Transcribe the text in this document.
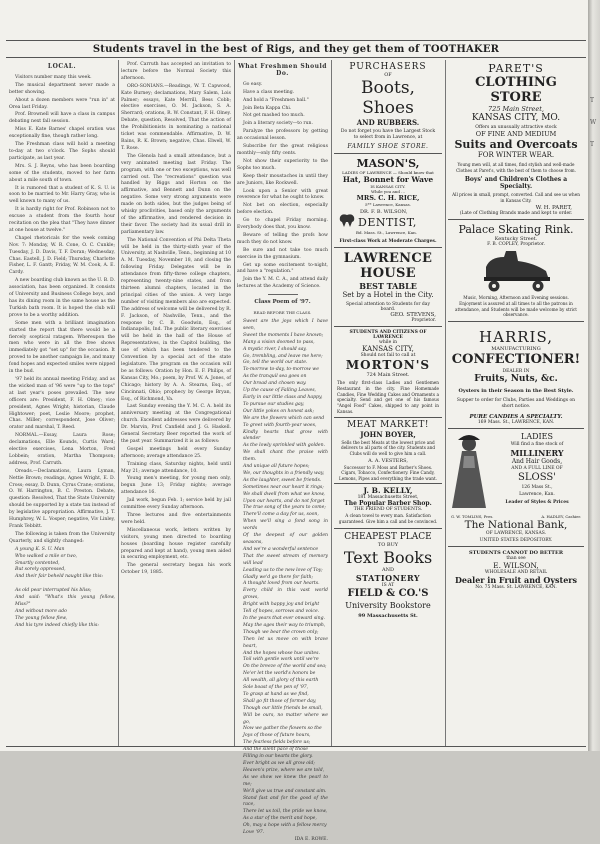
Students travel in the best of Rigs, and they get them of TOOTHAKER

LOCAL.

Visitors number many this week.

The musical department never made a better showing.

About a dozen members were "run in" at Orea last Friday.

Prof. Brownell will have a class in campus debating next fall session.

Miss E. Kate Barnes' chapel oration was exceptionally fine, though rather long.

The Freshman class will hold a meeting to-day at two o'clock. The Sophs should participate, as last year.

Mrs. S. J. Reyns, who has been boarding some of the students, moved to her farm about a mile south of town.

It is rumored that a student of K. S. U. is soon to be married to Mr. Harry Gray, who is well known to many of us.

It is hardly right for Prof. Robinson not to excuse a student from the fourth hour recitation on the plea that "They have dinner at one house at twelve."

Chapel rhetoricals for the week coming Nov. 7: Monday, W. R. Cone, O. C. Cunkle; Tuesday, J. D. Davis, T. F. Doran; Wednesday, Chas. Eastell, J. D. Field; Thursday, Charlotte Fisher, L. F. Gantt; Friday, W. M. Cook, A. E. Cardy.

A new boarding club known as the U. B. D. association, has been organized. It consists of University and Business College boys, and has its dining room in the same house as the Turkish bath room. It is hoped the club will prove to be a worthy addition.

Some men with a brilliant imagination started the report that there would be a fiercely sceptical ratagem. Whereupon the men who were in all the free shows immediately got "set up" for the occasion. It proved to be another campaign lie, and many fond hopes and expected smiles were nipped in the bud.

'97 held its annual meeting Friday, and as the wicked man of '96 were "up to the tops" at last year's poses prevailed. The new officers are: President, F. H. Olney; vice president, Agnes Wright; historian, Claude Hightower; poet, Leslie Moore; prophet, Chas. Miller; correspondent, Jose Oliver; orator and marshal, T. Reed.

NORMAL.—Essay, Laura Rose; declamations, Elle Kounds, Curtis Ward; elective exercises, Lena Morton, Fred Lobbein; oration, Martha Thompson; address, Prof. Carruth.

Oreads.—Declamations, Laura Lyman, Nettie Brown; readings, Agnes Wright, E. D. Cross; essay, D. Dunn, Cyrus Crane; orations, O. W. Harrington, B. C. Preston. Debate, question: Resolved, That the State University should be supported by a state tax instead of by legislative appropriation. Affirmative, J. T. Humphrey, W. L. Vosper; negative, Viv Linley, Frank Tebbitt.

The following is taken from the University Quarterly, and slightly changed:

A young K. S. U. Man
Who walked a mile or two,
Smartly contented,
But sorely oppressed,
And their fair beheld naught like this:
As old pear interrupted his bliss;
And said: "What's this young fellow, Miss?"
And without more ado
The young fellow flew,
And his tyre indeed chiefly like this:

Prof. Carruth has accepted an invitation to lecture before the Normal Society this afternoon.

ORO-SONIANS.—Readings, W. T. Capwood, Kate Burney; declamations, Mary Salem, Lois Palmer; essays, Kate Merrill, Bess Cobb; elective exercises, O. M. Jackson, S. A. Sherrard; orations, R. W. Constant, F. H. Olney. Debate, question, Resolved, That the action of the Prohibitionists in nominating a national ticket was commendable. Affirmative, D. W. Bains, R. K. Brown; negative, Chas. Elwell, W. T. Rose.

The Glenola had a small attendance, but a very animated meeting last Friday. The program, with one or two exceptions, was well carried out. The "recreations" question was handled by Biggs and Horton on the affirmative, and Bennett and Dunn on the negative. Some very strong arguments were made on both sides, but the judges being of whisky proclivities, based only the arguments of the affirmative, and rendered decision in their favor. The society had its usual drill in parliamentary law.

The National Convention of Phi Delta Theta will be held in the thirty-sixth year of the University, at Nashville, Tenn., beginning at 10 A. M. Tuesday, November 18, and closing the following Friday. Delegates will be in attendance from fifty-three college chapters, representing twenty-nine states, and from thirteen alumni chapters, located in the principal cities of the union. A very large number of visiting members also are expected. The address of welcome will be delivered by R. F. Jackson, of Nashville, Tenn., and the response by C. B. Goodwin, Esq., of Indianapolis, Ind. The public literary exercises will be held in the hall of the House of Representatives, in the Capitol building, the use of which has been tendered to the Convention by a special act of the state legislature. The program on the occasion will be as follows: Oration by Hon. E. F. Philips, of Kansas City, Mo.; poem, by Prof. W. A. Jones, of Chicago; history by A. A. Stearns, Esq., of Cincinnati, Ohio; prophecy by George Bryan, Esq., of Richmond, Va.

Last Sunday evening the Y. M. C. A. held its anniversary meeting at the Congregational church. Excellent addresses were delivered by Dr. Marvin, Prof. Canfield and J. G. Haskell. General Secretary Beer reported the work of the past year. Summarized it is as follows:

Gospel meetings held every Sunday afternoon; average attendance 25.

Training class, Saturday nights, held until May 21; average attendance, 10.

Young men's meeting, for young men only, begun June 13; Friday nights; average attendance 16.

Jail work, begun Feb. 1; service held by jail committee every Sunday afternoon.

Three lectures and five entertainments were held.

Miscellaneous work, letters written by visitors, young men directed to boarding houses (boarding house register carefully prepared and kept at hand), young men aided in securing employment, etc.

The general secretary began his work October 19, 1885.

What Freshmen Should Do.

Go easy.

Have a class meeting.

And hold a "Freshmen ball."

Join Beta Kappa Chi.

Not get mashed too much.

Join a literary society—to run.

Paralyze the professors by getting an occasional lesson.

Subscribe for the great religious monthly—only fifty cents.

Not show their superiority to the Sophs too much.

Keep their moustaches in until they are Juniors, like Rockwell.

Look upon a Senior with great reverence for what he ought to know.

Not bet on election, especially before election.

Go to chapel Friday morning. Everybody does that, you know.

Beware of telling the profs how much they do not know.

Be sure and not take too much exercise in the gymnasium.

Get up some excitement to-night, and have a "regulation."

Join the Y. M. C. A., and attend daily lectures at the Academy of Science.

Class Poem of '97.

READ BEFORE THE CLASS.

Sweet are the joys which I have seen,
Sweet the moments I have known;
Many a vision doomed to pass,
A mystic river, I should say,
Go, trembling, and leave me here;
Go, tell the world our state.
To-morrow to-day, to-morrow we
As the tranquil sea goes on
Our broad and chosen way.
Up the cause of Falling Leaves,
Early in our little class and happy,
To pursue our studies gay,
Our little yokes on honest ask;
We are the flowers which can send
To greet with fourth-year woes,
Kindly hearts that grow with slender
As the lowly sprinkled with golden.
We shall chant the praise with them.
And unique all future hopes;
We, our thoughts in a friendly way,
As the laughter, sweet be friends.
Sometimes near our heart it rings;
We shall dwell from what we know,
Upon our hearts, and do not forget
The true song of the years to come;
There'll come a day for us, soon,
When we'll sing a fond song in words
Of the deepest of our golden seasons,
And we're a wonderful sentence
That the sweet stream of memory will lead
Leading us to the new love of Toy;
Gladly we'd go there for faith;
A thought loved from our hearts.
Every child in this vast world grows,
Bright with happy joy and bright
Tell of hopes, sorrows and voice.
In the years that ever onward sing.
May the ages their way to triumph,
Though we bear the crown only;
Then let us move on with brave heart,
And the hopes whose hue unites.
Toil with gentle work until we're
On the breeze of the world and sea;
Ne'er let the world's honors be
All wealth, all glory of this earth
Sole boast of the pen of '97,
To grasp at hand as we find,
Shall go fit those of former day,
Though our little friends be small,
Will be ours, no matter where we go,
Now we gather the flowers so the
Joys of those of future hours,
The fearless fields before us;
And the silent pace of those
Filling in our hearts the glory.
Ever bright as we all grow old;
Heaven's prize, where we are told,
As we show we knew the pearl to me;
We'll give us true and constant aim.
Stand fast and for the good of the race,
There let us toil, the pride we know,
As a star of the merit and hope,
Oh, may a hope with a fellow mercy
Love '97.

IDA E. ROWE.

PURCHASERS
OF
Boots, Shoes
AND RUBBERS.
Do not forget you have the Largest Stock to select from in Lawrence, at
FAMILY SHOE STORE.
MASON'S,
LADIES OF LAWRENCE — Should know that
Hat, Bonnet for Wave
IS KANSAS CITY.
While you and ...
MRS. C. H. RICE,
5** Lawrence, Kansas.
DR. F. B. WILSON,
DENTIST,
Bd. Mass. St., Lawrence, Kan.
First-class Work at Moderate Charges.
LAWRENCE HOUSE
BEST TABLE
Set by a Hotel in the City.
Special attention to Students for day board.
GEO. STEVENS,
Proprietor.
STUDENTS AND CITIZENS OF LAWRENCE
while in
KANSAS CITY,
Should not fail to call at
MORTON'S
724 Main Street.
The only first-class Ladies and Gentlemen Restaurant in the city. Fine Homemade Candies, Fine Wedding Cakes and Ornaments a specialty. Send and get one of his famous "Angel Food" Cakes, shipped to any point in Kansas.
MEAT MARKET!
JOHN BOYER,
Sells the best Meats at the lowest price and delivers to all parts of the city. Students and Clubs will do well to give him a call.
A. A. VESTERS,
Successor to F. Moss and Barber's Shoes. Cigars, Tobacco, Confectionery. Fine Candy, Lemons, Pipes and everything the trade want.
J. B. KELLY,
181 Massachusetts Street,
The Popular Barber Shop.
THE FRIEND OF STUDENTS.
A clean towel to every man. Satisfaction guaranteed. Give him a call and be convinced.
CHEAPEST PLACE
TO BUY
Text Books
AND
STATIONERY
IS AT
FIELD & CO.'S
University Bookstore
99 Massachusetts St.
PARET'S
CLOTHING STORE
725 Main Street,
KANSAS CITY, MO.
Offers an unusually attractive stock
OF FINE AND MEDIUM
Suits and Overcoats
FOR WINTER WEAR.
Young men will, at all times, find stylish and well-made Clothes at Paret's, with the best of them to choose from.
Boys' and Children's Clothes a Specialty.
All prices in small, prompt, converted. Call and see us when in Kansas City.
W. H. PARET,
(Late of Clothing Brands made and kept to order.
Palace Skating Rink.
Kentucky Street.
F. B. COPLEY, Proprietor.
Music, Morning, Afternoon and Evening sessions. Enjoyment is assured at all times to all the patrons in attendance, and Students will be made welcome by strict observance.
HARRIS,
MANUFACTURING
CONFECTIONER!
DEALER IN
Fruits, Nuts, &c.
Oysters in their Season in the Best Style.
Supper to order for Clubs, Parties and Weddings on short notice.
PURE CANDIES A SPECIALTY.
169 Mass. St., LAWRENCE, KAN.
LADIES
Will find a fine stock of
MILLINERY
And Hair Goods,
AND A FULL LINE OF
SLOSS'
126 Mass St.,
Lawrence, Kan.
Leader of Styles & Prices
G. W. TOMLINS, Pres.	A. HADLEY, Cashier.
The National Bank,
OF LAWRENCE, KANSAS.
UNITED STATES DEPOSITORY.
STUDENTS CANNOT DO BETTER
than see
E. WILSON,
WHOLESALE AND RETAIL
Dealer in Fruit and Oysters
No. 75 Mass. St. LAWRENCE, KAN.
T
W
T
